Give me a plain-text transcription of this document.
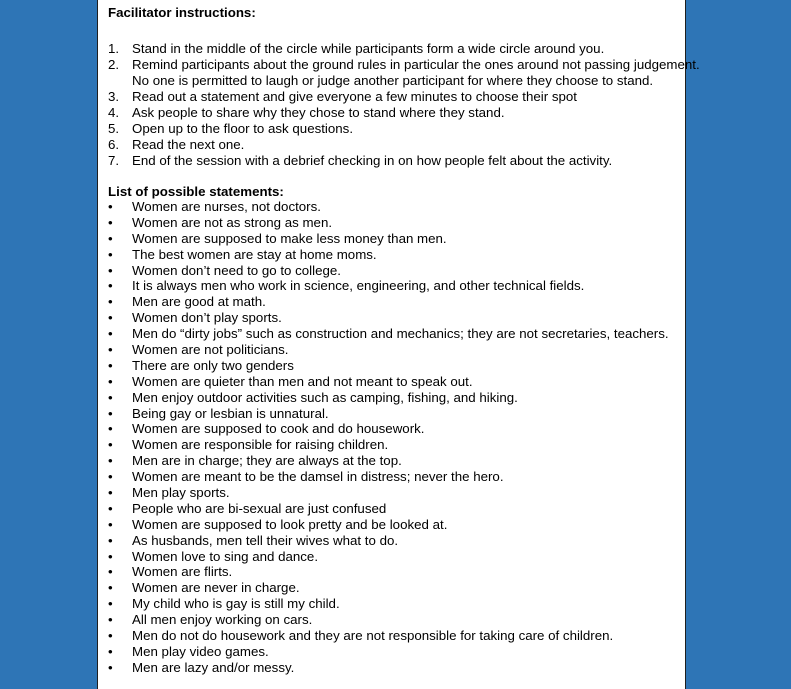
Facilitator instructions:
1. Stand in the middle of the circle while participants form a wide circle around you.
2. Remind participants about the ground rules in particular the ones around not passing judgement.
No one is permitted to laugh or judge another participant for where they choose to stand.
3. Read out a statement and give everyone a few minutes to choose their spot
4. Ask people to share why they chose to stand where they stand.
5. Open up to the floor to ask questions.
6. Read the next one.
7. End of the session with a debrief checking in on how people felt about the activity.
List of possible statements:
• Women are nurses, not doctors.
• Women are not as strong as men.
• Women are supposed to make less money than men.
• The best women are stay at home moms.
• Women don’t need to go to college.
• It is always men who work in science, engineering, and other technical fields.
• Men are good at math.
• Women don’t play sports.
• Men do “dirty jobs” such as construction and mechanics; they are not secretaries, teachers.
• Women are not politicians.
• There are only two genders
• Women are quieter than men and not meant to speak out.
• Men enjoy outdoor activities such as camping, fishing, and hiking.
• Being gay or lesbian is unnatural.
• Women are supposed to cook and do housework.
• Women are responsible for raising children.
• Men are in charge; they are always at the top.
• Women are meant to be the damsel in distress; never the hero.
• Men play sports.
• People who are bi-sexual are just confused
• Women are supposed to look pretty and be looked at.
• As husbands, men tell their wives what to do.
• Women love to sing and dance.
• Women are flirts.
• Women are never in charge.
• My child who is gay is still my child.
• All men enjoy working on cars.
• Men do not do housework and they are not responsible for taking care of children.
• Men play video games.
• Men are lazy and/or messy.
